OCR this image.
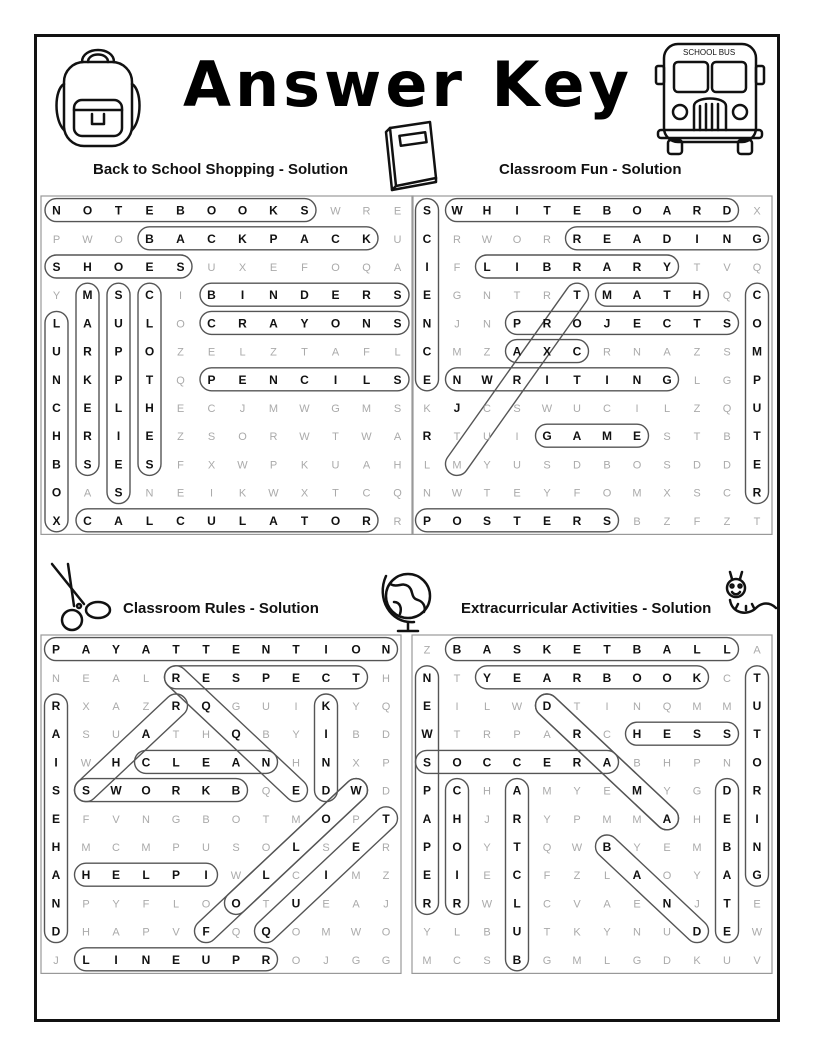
Answer Key	SCHOOL BUS
Back to School Shopping - Solution	Classroom Fun - Solution
Classroom Rules - Solution	Extracurricular Activities - Solution
N O T E B O O K S W R E
P W O B A C K P A C K U
S H O E S U X E F O Q A
Y M S C I B I N D E R S
L A U L O C R A Y O N S
U R P O Z E L Z T A F L
N K P T Q P E N C I L S
C E L H E C J M W G M S
H R I E Z S O R W T W A
B S E S F X W P K U A H
O A S N E I K W X T C Q
X C A L C U L A T O R R
S W H I T E B O A R D X
C R W O R R E A D I N G
I F L I B R A R Y T V Q
E G N T R T M A T H Q C
N J N P R O J E C T S O
C M Z A X C R N A Z S M
E N W R I T I N G L G P
K J C S W U C I L Z Q U
R T U I G A M E S T B T
L M Y U S D B O S D D E
N W T E Y F O M X S C R
P O S T E R S B Z F Z T
P A Y A T T E N T I O N
N E A L R E S P E C T H
R X A Z R Q G U I K Y Q
A S U A T H Q B Y I B D
I W H C L E A N H N X P
S S W O R K B Q E D W D
E F V N G B O T M O P T
H M C M P U S O L S E R
A H E L P I W L C I M Z
N P Y F L O O T U E A J
D H A P V F Q Q O M W O
J L I N E U P R O J G G
Z B A S K E T B A L L A
N T Y E A R B O O K C T
E I L W D T I N Q M M U
W T R P A R C H E S S T
S O C C E R A B H P N O
P C H A M Y E M Y G D R
A H J R Y P M M A H E I
P O Y T Q W B Y E M B N
E I E C F Z L A O Y A G
R R W L C V A E N J T E
Y L B U T K Y N U D E W
M C S B G M L G D K U V
